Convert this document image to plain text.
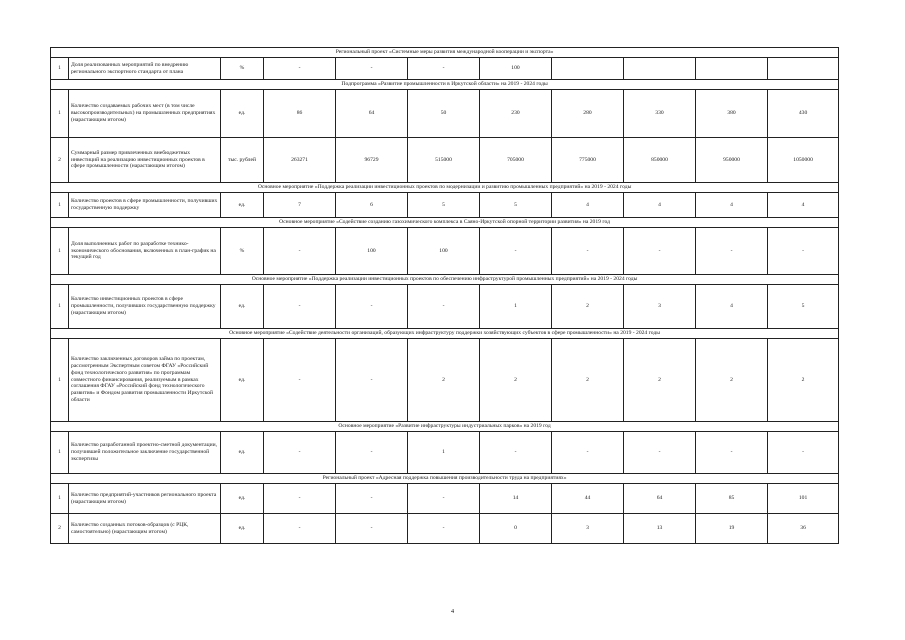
Региональный проект «Системные меры развития международной кооперации и экспорта»										
1	Доля реализованных мероприятий по внедрению регионального экспортного стандарта от плана	%	-	-	-	100				
Подпрограмма «Развитие промышленности в Иркутской области» на 2019 - 2024 годы										
1	Количество создаваемых рабочих мест (в том числе высокопроизводительных) на промышленных предприятиях (нарастающим итогом)	ед.	86	64	50	230	280	330	380	430
2	Суммарный размер привлеченных внебюджетных инвестиций на реализацию инвестиционных проектов в сфере промышленности (нарастающим итогом)	тыс. рублей	263271	96729	515000	705000	775000	850000	950000	1050000
Основное мероприятие «Поддержка реализации инвестиционных проектов по модернизации и развитию промышленных предприятий» на 2019 - 2024 годы										
1	Количество проектов в сфере промышленности, получивших государственную поддержку	ед.	7	6	5	5	4	4	4	4
Основное мероприятие «Содействие созданию газохимического комплекса в Саяно-Иркутской опорной территории развития» на 2019 год										
1	Доля выполненных работ по разработке технико-экономического обоснования, включенных в план-график на текущий год	%	-	100	100	-	-	-	-	-
Основное мероприятие «Поддержка реализации инвестиционных проектов по обеспечению инфраструктурой промышленных предприятий» на 2019 - 2024 годы										
1	Количество инвестиционных проектов в сфере промышленности, получивших государственную поддержку (нарастающим итогом)	ед.	-	-	-	1	2	3	4	5
Основное мероприятие «Содействие деятельности организаций, образующих инфраструктуру поддержки хозяйствующих субъектов в сфере промышленности» на 2019 - 2024 годы										
1	Количество заключенных договоров займа по проектам, рассмотренным Экспертным советом ФГАУ «Российский фонд технологического развития» по программам совместного финансирования, реализуемым в рамках соглашения ФГАУ «Российский фонд технологического развития» и Фондом развития промышленности Иркутской области	ед.	-	-	2	2	2	2	2	2
Основное мероприятие «Развитие инфраструктуры индустриальных парков» на 2019 год										
1	Количество разработанной проектно-сметной документации, получившей положительное заключение государственной экспертизы	ед.	-	-	1	-	-	-	-	-
Региональный проект «Адресная поддержка повышения производительности труда на предприятиях»										
1	Количество предприятий-участников регионального проекта (нарастающим итогом)	ед.	-	-	-	14	44	64	85	101
2	Количество созданных потоков-образцов (с РЦК, самостоятельно) (нарастающим итогом)	ед.	-	-	-	0	3	13	19	36
4
